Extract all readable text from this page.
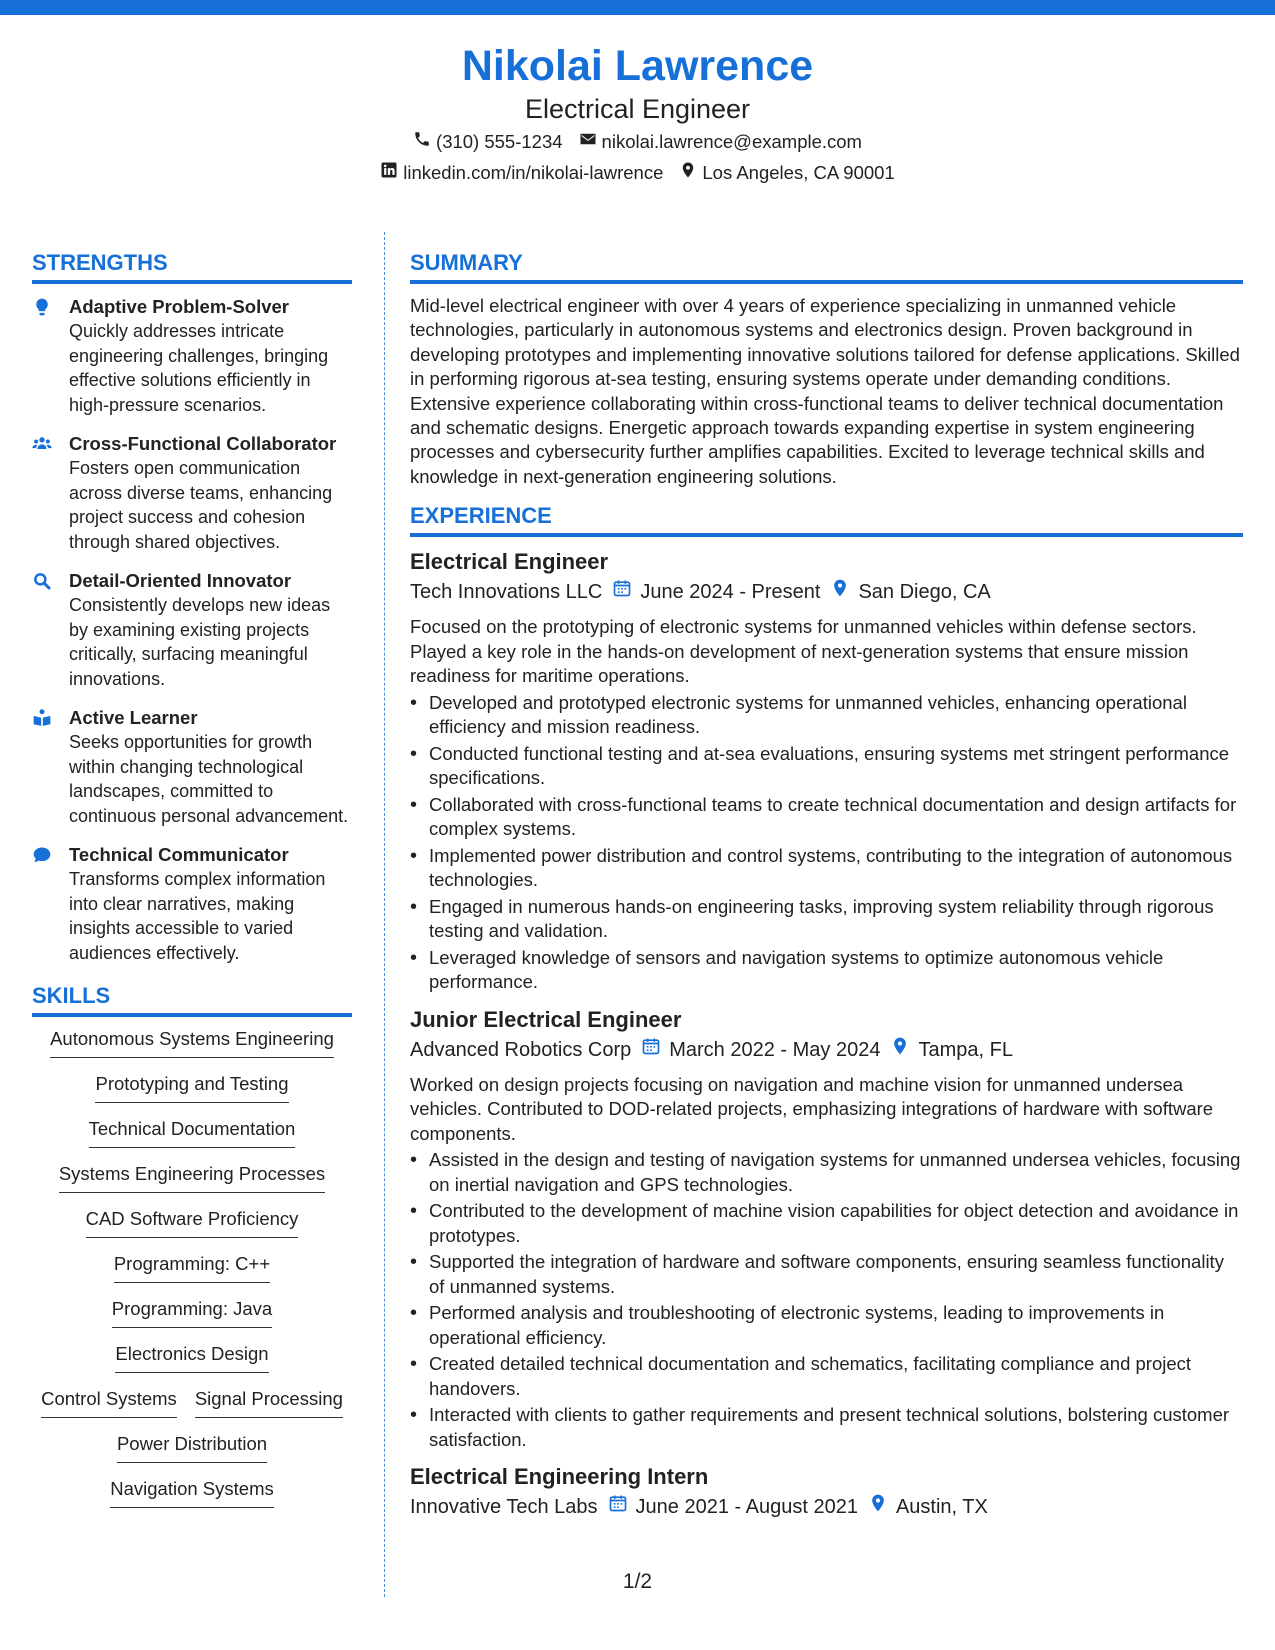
Nikolai Lawrence
Electrical Engineer
(310) 555-1234 nikolai.lawrence@example.com
linkedin.com/in/nikolai-lawrence Los Angeles, CA 90001
STRENGTHS
Adaptive Problem-Solver
Quickly addresses intricate engineering challenges, bringing effective solutions efficiently in high-pressure scenarios.
Cross-Functional Collaborator
Fosters open communication across diverse teams, enhancing project success and cohesion through shared objectives.
Detail-Oriented Innovator
Consistently develops new ideas by examining existing projects critically, surfacing meaningful innovations.
Active Learner
Seeks opportunities for growth within changing technological landscapes, committed to continuous personal advancement.
Technical Communicator
Transforms complex information into clear narratives, making insights accessible to varied audiences effectively.
SKILLS
Autonomous Systems Engineering
Prototyping and Testing
Technical Documentation
Systems Engineering Processes
CAD Software Proficiency
Programming: C++
Programming: Java
Electronics Design
Control Systems Signal Processing
Power Distribution
Navigation Systems
SUMMARY
Mid-level electrical engineer with over 4 years of experience specializing in unmanned vehicle technologies, particularly in autonomous systems and electronics design. Proven background in developing prototypes and implementing innovative solutions tailored for defense applications. Skilled in performing rigorous at-sea testing, ensuring systems operate under demanding conditions. Extensive experience collaborating within cross-functional teams to deliver technical documentation and schematic designs. Energetic approach towards expanding expertise in system engineering processes and cybersecurity further amplifies capabilities. Excited to leverage technical skills and knowledge in next-generation engineering solutions.
EXPERIENCE
Electrical Engineer
Tech Innovations LLC June 2024 - Present San Diego, CA
Focused on the prototyping of electronic systems for unmanned vehicles within defense sectors. Played a key role in the hands-on development of next-generation systems that ensure mission readiness for maritime operations.
• Developed and prototyped electronic systems for unmanned vehicles, enhancing operational efficiency and mission readiness.
• Conducted functional testing and at-sea evaluations, ensuring systems met stringent performance specifications.
• Collaborated with cross-functional teams to create technical documentation and design artifacts for complex systems.
• Implemented power distribution and control systems, contributing to the integration of autonomous technologies.
• Engaged in numerous hands-on engineering tasks, improving system reliability through rigorous testing and validation.
• Leveraged knowledge of sensors and navigation systems to optimize autonomous vehicle performance.
Junior Electrical Engineer
Advanced Robotics Corp March 2022 - May 2024 Tampa, FL
Worked on design projects focusing on navigation and machine vision for unmanned undersea vehicles. Contributed to DOD-related projects, emphasizing integrations of hardware with software components.
• Assisted in the design and testing of navigation systems for unmanned undersea vehicles, focusing on inertial navigation and GPS technologies.
• Contributed to the development of machine vision capabilities for object detection and avoidance in prototypes.
• Supported the integration of hardware and software components, ensuring seamless functionality of unmanned systems.
• Performed analysis and troubleshooting of electronic systems, leading to improvements in operational efficiency.
• Created detailed technical documentation and schematics, facilitating compliance and project handovers.
• Interacted with clients to gather requirements and present technical solutions, bolstering customer satisfaction.
Electrical Engineering Intern
Innovative Tech Labs June 2021 - August 2021 Austin, TX
1/2
